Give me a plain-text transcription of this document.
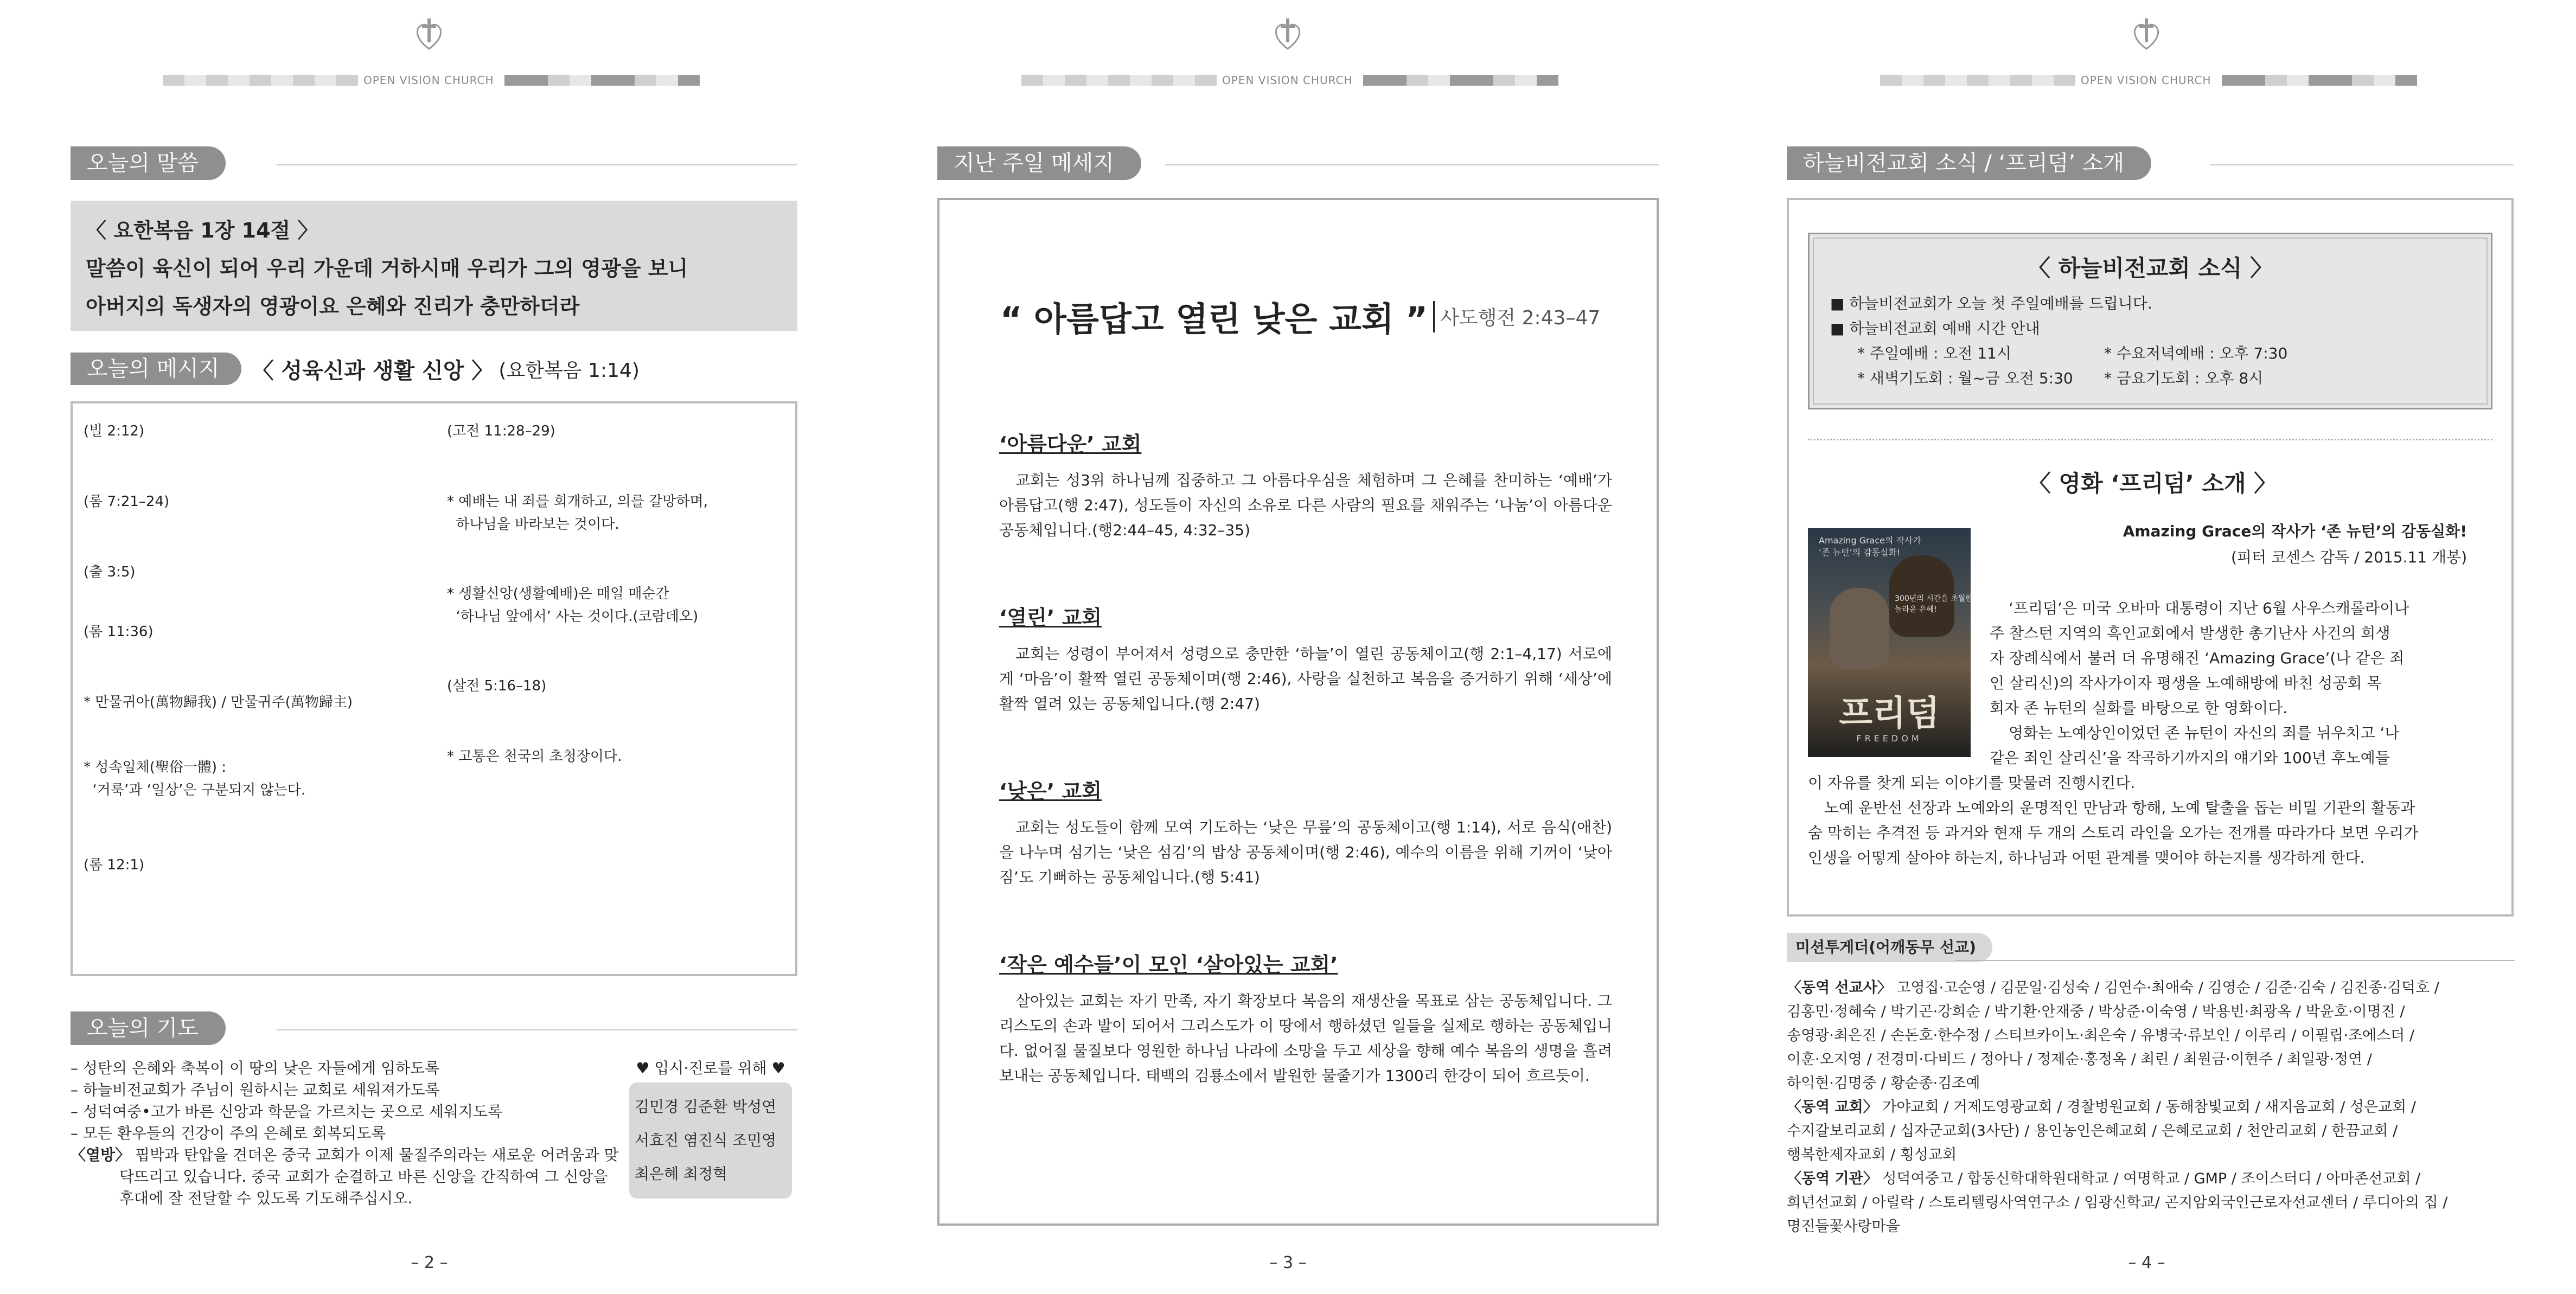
OPEN VISION CHURCH
오늘의 말씀
〈 요한복음 1장 14절 〉
말씀이 육신이 되어 우리 가운데 거하시매 우리가 그의 영광을 보니
아버지의 독생자의 영광이요 은혜와 진리가 충만하더라
오늘의 메시지 〈 성육신과 생활 신앙 〉 (요한복음 1:14)
(빌 2:12)
(롬 7:21–24)
(출 3:5)
(롬 11:36)
* 만물귀아(萬物歸我) / 만물귀주(萬物歸主)
* 성속일체(聖俗一體) :
‘거룩’과 ‘일상’은 구분되지 않는다.
(롬 12:1)
(고전 11:28–29)
* 예배는 내 죄를 회개하고, 의를 갈망하며,
하나님을 바라보는 것이다.
* 생활신앙(생활예배)은 매일 매순간
‘하나님 앞에서’ 사는 것이다.(코람데오)
(살전 5:16–18)
* 고통은 천국의 초청장이다.
오늘의 기도
– 성탄의 은혜와 축복이 이 땅의 낮은 자들에게 임하도록
– 하늘비전교회가 주님이 원하시는 교회로 세워져가도록
– 성덕여중•고가 바른 신앙과 학문을 가르치는 곳으로 세워지도록
– 모든 환우들의 건강이 주의 은혜로 회복되도록
〈열방〉 핍박과 탄압을 견뎌온 중국 교회가 이제 물질주의라는 새로운 어려움과 맞
닥뜨리고 있습니다. 중국 교회가 순결하고 바른 신앙을 간직하여 그 신앙을
후대에 잘 전달할 수 있도록 기도해주십시오.
♥ 입시·진로를 위해 ♥
김민경 김준환 박성연
서효진 염진식 조민영
최은혜 최정혁
– 2 –
OPEN VISION CHURCH
지난 주일 메세지
“ 아름답고 열린 낮은 교회 ” 사도행전 2:43–47
‘아름다운’ 교회
교회는 성3위 하나님께 집중하고 그 아름다우심을 체험하며 그 은혜를 찬미하는 ‘예배’가 아름답고(행 2:47), 성도들이 자신의 소유로 다른 사람의 필요를 채워주는 ‘나눔’이 아름다운 공동체입니다.(행2:44–45, 4:32–35)
‘열린’ 교회
교회는 성령이 부어져서 성령으로 충만한 ‘하늘’이 열린 공동체이고(행 2:1–4,17) 서로에게 ‘마음’이 활짝 열린 공동체이며(행 2:46), 사랑을 실천하고 복음을 증거하기 위해 ‘세상’에 활짝 열려 있는 공동체입니다.(행 2:47)
‘낮은’ 교회
교회는 성도들이 함께 모여 기도하는 ‘낮은 무릎’의 공동체이고(행 1:14), 서로 음식(애찬)을 나누며 섬기는 ‘낮은 섬김’의 밥상 공동체이며(행 2:46), 예수의 이름을 위해 기꺼이 ‘낮아짐’도 기뻐하는 공동체입니다.(행 5:41)
‘작은 예수들’이 모인 ‘살아있는 교회’
살아있는 교회는 자기 만족, 자기 확장보다 복음의 재생산을 목표로 삼는 공동체입니다. 그리스도의 손과 발이 되어서 그리스도가 이 땅에서 행하셨던 일들을 실제로 행하는 공동체입니다. 없어질 물질보다 영원한 하나님 나라에 소망을 두고 세상을 향해 예수 복음의 생명을 흘려보내는 공동체입니다. 태백의 검룡소에서 발원한 물줄기가 1300리 한강이 되어 흐르듯이.
– 3 –
OPEN VISION CHURCH
하늘비전교회 소식 / ‘프리덤’ 소개
〈 하늘비전교회 소식 〉
■ 하늘비전교회가 오늘 첫 주일예배를 드립니다.
■ 하늘비전교회 예배 시간 안내
* 주일예배 : 오전 11시	* 수요저녁예배 : 오후 7:30
* 새벽기도회 : 월~금 오전 5:30 * 금요기도회 : 오후 8시
〈 영화 ‘프리덤’ 소개 〉
Amazing Grace의 작사가
‘존 뉴턴’의 감동실화!
300년의 시간을 초월한
놀라운 은혜!
프리덤
FREEDOM
Amazing Grace의 작사가 ‘존 뉴턴’의 감동실화!
(피터 코센스 감독 / 2015.11 개봉)
‘프리덤’은 미국 오바마 대통령이 지난 6월 사우스캐롤라이나
주 찰스턴 지역의 흑인교회에서 발생한 총기난사 사건의 희생
자 장례식에서 불러 더 유명해진 ‘Amazing Grace’(나 같은 죄
인 살리신)의 작사가이자 평생을 노예해방에 바친 성공회 목
회자 존 뉴턴의 실화를 바탕으로 한 영화이다.
영화는 노예상인이었던 존 뉴턴이 자신의 죄를 뉘우치고 ‘나
같은 죄인 살리신’을 작곡하기까지의 얘기와 100년 후노예들
이 자유를 찾게 되는 이야기를 맞물려 진행시킨다.
노예 운반선 선장과 노예와의 운명적인 만남과 항해, 노예 탈출을 돕는 비밀 기관의 활동과
숨 막히는 추격전 등 과거와 현재 두 개의 스토리 라인을 오가는 전개를 따라가다 보면 우리가
인생을 어떻게 살아야 하는지, 하나님과 어떤 관계를 맺어야 하는지를 생각하게 한다.
미션투게더(어깨동무 선교)
〈동역 선교사〉 고영집·고순영 / 김문일·김성숙 / 김연수·최애숙 / 김영순 / 김준·김숙 / 김진종·김덕호 /
김홍민·정혜숙 / 박기곤·강희순 / 박기환·안재중 / 박상준·이숙영 / 박용빈·최광옥 / 박윤호·이명진 /
송영광·최은진 / 손돈호·한수정 / 스티브카이노·최은숙 / 유병국·류보인 / 이루리 / 이필립·조에스더 /
이훈·오지영 / 전경미·다비드 / 정아나 / 정제순·홍정옥 / 최린 / 최원금·이현주 / 최일광·정연 /
하익현·김명중 / 황순종·김조예
〈동역 교회〉 가야교회 / 거제도영광교회 / 경찰병원교회 / 동해참빛교회 / 새지음교회 / 성은교회 /
수지갈보리교회 / 십자군교회(3사단) / 용인농인은혜교회 / 은혜로교회 / 천안리교회 / 한끔교회 /
행복한제자교회 / 횡성교회
〈동역 기관〉 성덕여중고 / 합동신학대학원대학교 / 여명학교 / GMP / 조이스터디 / 아마존선교회 /
희년선교회 / 아릴락 / 스토리텔링사역연구소 / 임광신학교/ 곤지암외국인근로자선교센터 / 루디아의 집 /
명진들꽃사랑마을
– 4 –
